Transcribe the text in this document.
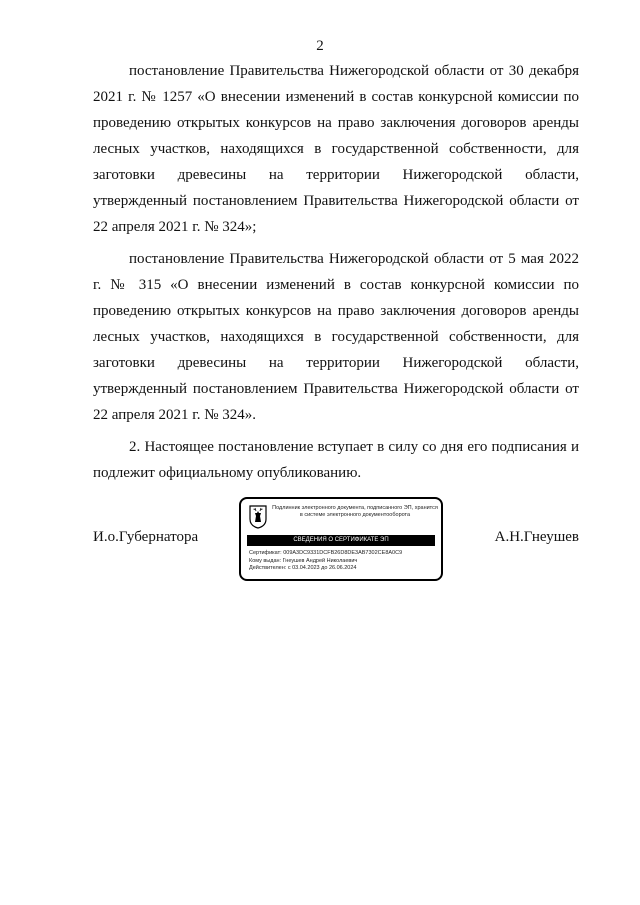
2

постановление Правительства Нижегородской области от 30 декабря 2021 г. № 1257 «О внесении изменений в состав конкурсной комиссии по проведению открытых конкурсов на право заключения договоров аренды лесных участков, находящихся в государственной собственности, для заготовки древесины на территории Нижегородской области, утвержденный постановлением Правительства Нижегородской области от 22 апреля 2021 г. № 324»;

постановление Правительства Нижегородской области от 5 мая 2022 г. № 315 «О внесении изменений в состав конкурсной комиссии по проведению открытых конкурсов на право заключения договоров аренды лесных участков, находящихся в государственной собственности, для заготовки древесины на территории Нижегородской области, утвержденный постановлением Правительства Нижегородской области от 22 апреля 2021 г. № 324».

2. Настоящее постановление вступает в силу со дня его подписания и подлежит официальному опубликованию.

И.о.Губернатора
Подлинник электронного документа, подписанного ЭП, хранится в системе электронного документооборота
СВЕДЕНИЯ О СЕРТИФИКАТЕ ЭП
Сертификат: 009A3DC9331DCFB26D8DE3AB7302CE8A0C9
Кому выдан: Гнеушев Андрей Николаевич
Действителен: с 03.04.2023 до 26.06.2024
А.Н.Гнеушев
